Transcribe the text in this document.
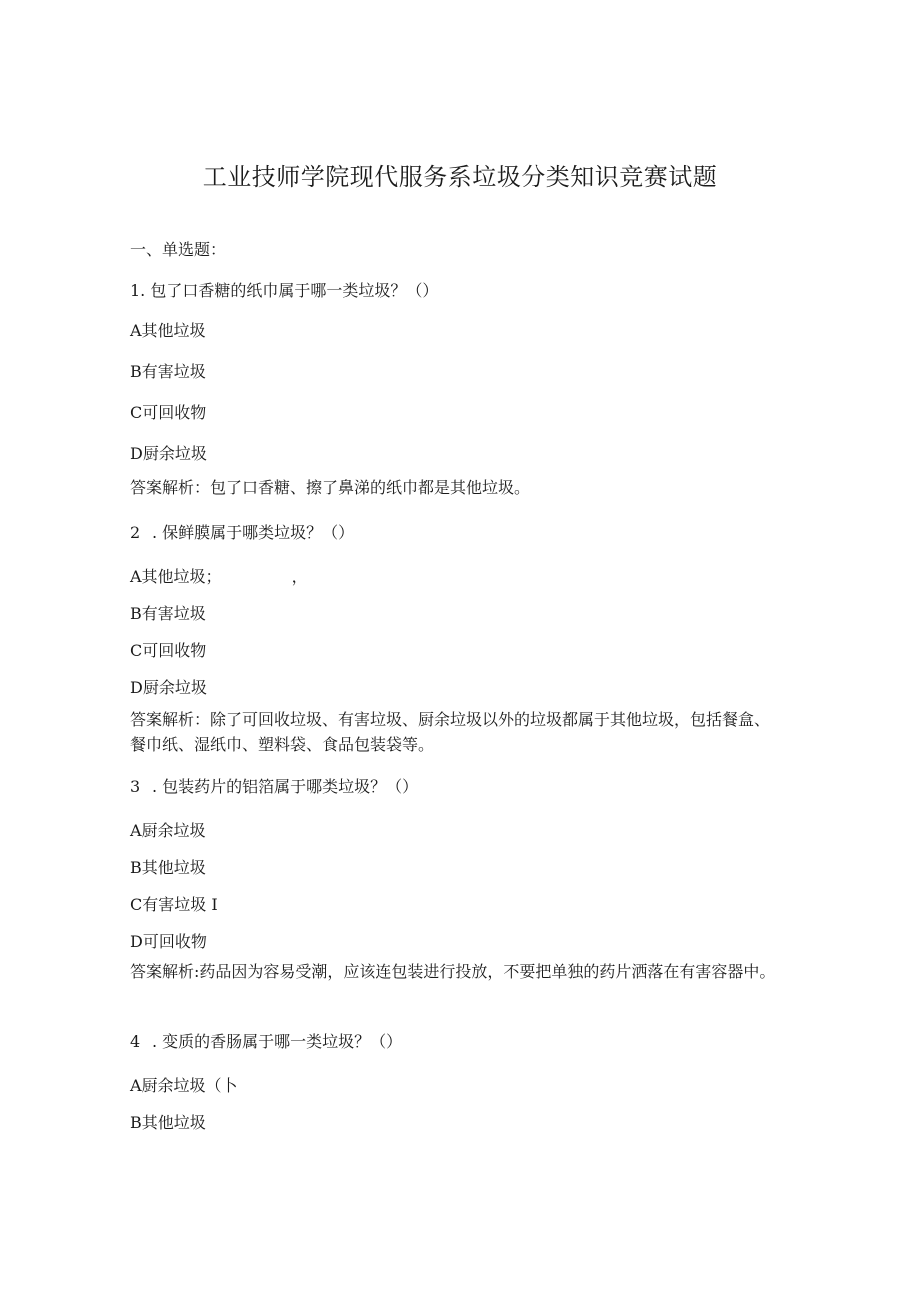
工业技师学院现代服务系垃圾分类知识竞赛试题
一、单选题：
1. 包了口香糖的纸巾属于哪一类垃圾？（）
A其他垃圾
B有害垃圾
C可回收物
D厨余垃圾
答案解析：包了口香糖、擦了鼻涕的纸巾都是其他垃圾。
2 . 保鲜膜属于哪类垃圾？（）
A其他垃圾；	，
B有害垃圾
C可回收物
D厨余垃圾
答案解析：除了可回收垃圾、有害垃圾、厨余垃圾以外的垃圾都属于其他垃圾，包括餐盒、餐巾纸、湿纸巾、塑料袋、食品包装袋等。
3 . 包装药片的铝箔属于哪类垃圾？（）
A厨余垃圾
B其他垃圾
C有害垃圾 I
D可回收物
答案解析:药品因为容易受潮，应该连包装进行投放，不要把单独的药片洒落在有害容器中。
4 . 变质的香肠属于哪一类垃圾？（）
A厨余垃圾（卜
B其他垃圾
